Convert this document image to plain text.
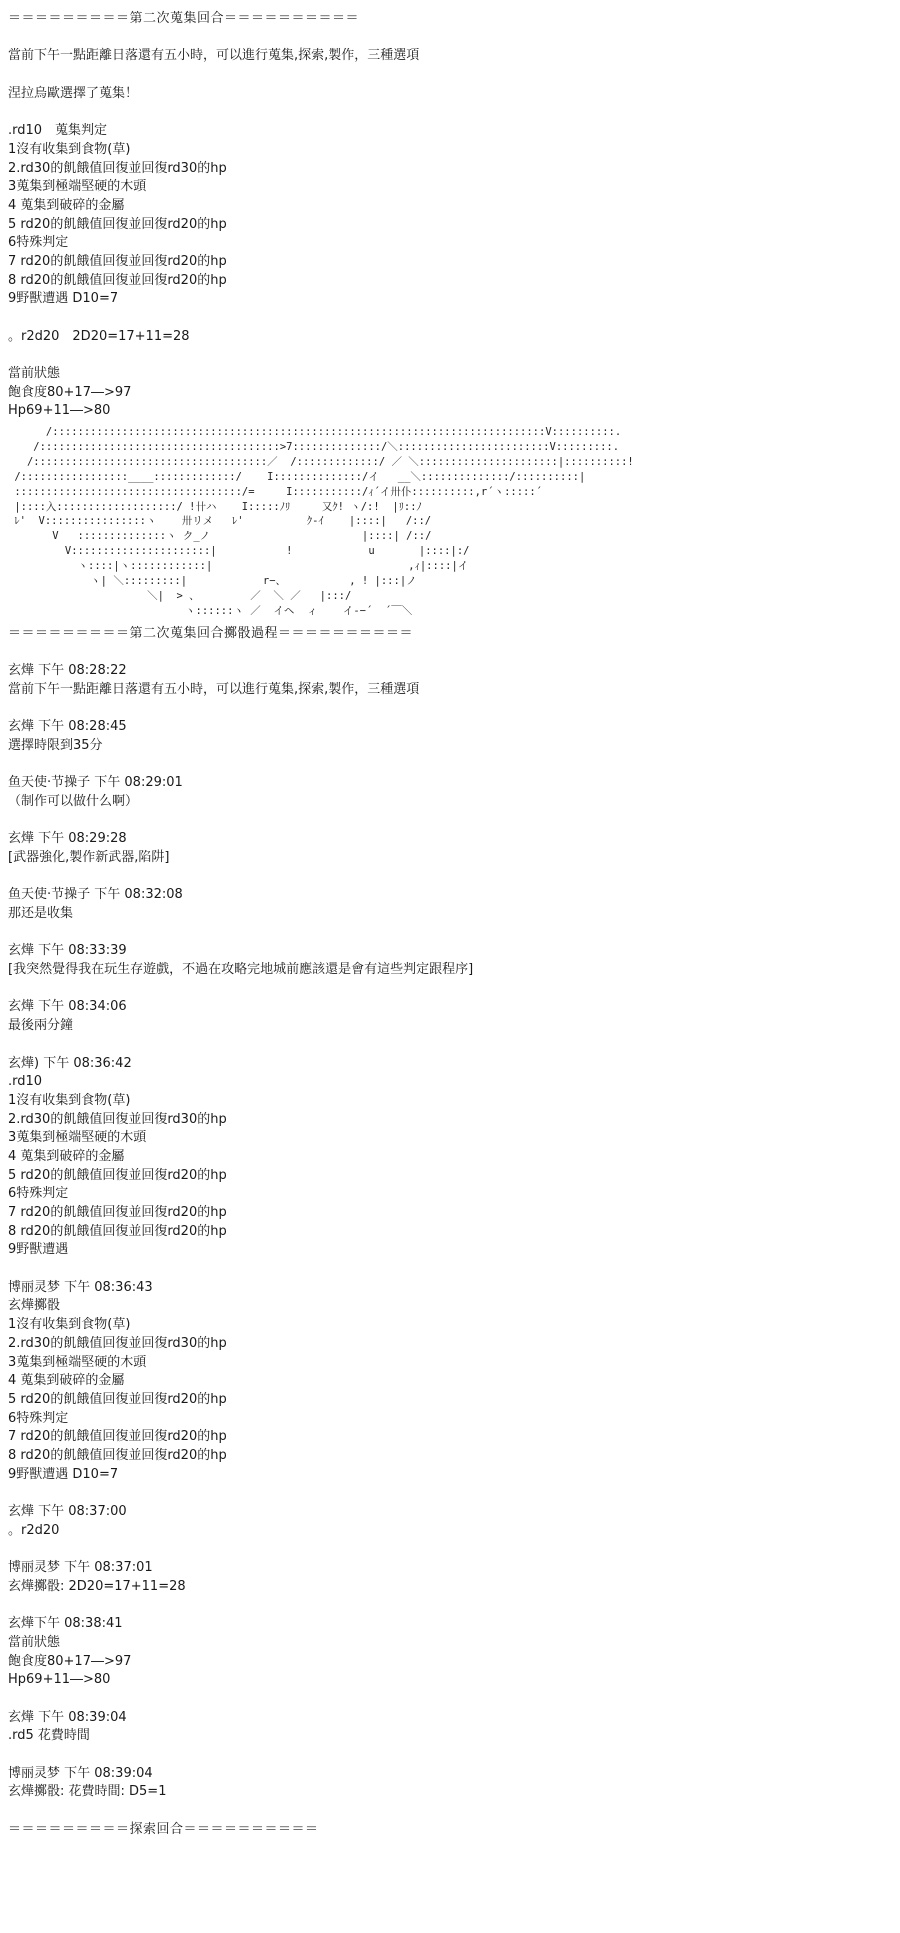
＝＝＝＝＝＝＝＝＝第二次蒐集回合＝＝＝＝＝＝＝＝＝＝
當前下午一點距離日落還有五小時，可以進行蒐集,探索,製作，三種選項
涅拉烏歐選擇了蒐集！
.rd10　蒐集判定
1沒有收集到食物(草)
2.rd30的飢餓值回復並回復rd30的hp
3蒐集到極端堅硬的木頭
4 蒐集到破碎的金屬
5 rd20的飢餓值回復並回復rd20的hp
6特殊判定
7 rd20的飢餓值回復並回復rd20的hp
8 rd20的飢餓值回復並回復rd20的hp
9野獸遭遇 D10=7
。r2d20　2D20=17+11=28
當前狀態
飽食度80+17―>97
Hp69+11―>80
/::::::::::::::::::::::::::::::::::::::::::::::::::::::::::::::::::::::::::::::V::::::::::.
/::::::::::::::::::::::::::::::::::::::>7::::::::::::::/＼::::::::::::::::::::::::V:::::::::.
/:::::::::::::::::::::::::::::::::::::／  /:::::::::::::/ ／ ＼::::::::::::::::::::::|::::::::::!
/:::::::::::::::::____:::::::::::::/    I::::::::::::::/イ   __＼::::::::::::::/::::::::::|
::::::::::::::::::::::::::::::::::::/=     I:::::::::::/ｨ´イ卅仆::::::::::,r´ヽ:::::´
|::::入:::::::::::::::::::/ !卄ハ    I:::::ﾉﾘ     又ｸ! ヽ/:!  |ﾘ::ﾉ
ﾚ'  V::::::::::::::::ヽ    卅リメ   ﾚ'          ｸ-ｲ    |::::|   /::/
V   ::::::::::::::ヽ ク_ノ                        |::::| /::/
V::::::::::::::::::::::|           !            u       |::::|:/
ヽ::::|ヽ::::::::::::|                               ,ｨ|::::|イ
ヽ| ＼:::::::::|            r−、          , ! |:::|ノ
＼|  > 、        ／  ＼ ／   |:::/
ヽ::::::ヽ ／  イヘ  ィ    イ-−´  ´￣＼
＝＝＝＝＝＝＝＝＝第二次蒐集回合擲骰過程＝＝＝＝＝＝＝＝＝＝
玄燁 下午 08:28:22
當前下午一點距離日落還有五小時，可以進行蒐集,探索,製作，三種選項
玄燁 下午 08:28:45
選擇時限到35分
鱼天使·节操子 下午 08:29:01
（制作可以做什么啊）
玄燁 下午 08:29:28
[武器強化,製作新武器,陷阱]
鱼天使·节操子 下午 08:32:08
那还是收集
玄燁 下午 08:33:39
[我突然覺得我在玩生存遊戲，不過在攻略完地城前應該還是會有這些判定跟程序]
玄燁 下午 08:34:06
最後兩分鐘
玄燁) 下午 08:36:42
.rd10
1沒有收集到食物(草)
2.rd30的飢餓值回復並回復rd30的hp
3蒐集到極端堅硬的木頭
4 蒐集到破碎的金屬
5 rd20的飢餓值回復並回復rd20的hp
6特殊判定
7 rd20的飢餓值回復並回復rd20的hp
8 rd20的飢餓值回復並回復rd20的hp
9野獸遭遇
博丽灵梦 下午 08:36:43
玄燁擲骰
1沒有收集到食物(草)
2.rd30的飢餓值回復並回復rd30的hp
3蒐集到極端堅硬的木頭
4 蒐集到破碎的金屬
5 rd20的飢餓值回復並回復rd20的hp
6特殊判定
7 rd20的飢餓值回復並回復rd20的hp
8 rd20的飢餓值回復並回復rd20的hp
9野獸遭遇 D10=7
玄燁 下午 08:37:00
。r2d20
博丽灵梦 下午 08:37:01
玄燁擲骰: 2D20=17+11=28
玄燁下午 08:38:41
當前狀態
飽食度80+17―>97
Hp69+11―>80
玄燁 下午 08:39:04
.rd5 花費時間
博丽灵梦 下午 08:39:04
玄燁擲骰: 花費時間: D5=1
＝＝＝＝＝＝＝＝＝探索回合＝＝＝＝＝＝＝＝＝＝
